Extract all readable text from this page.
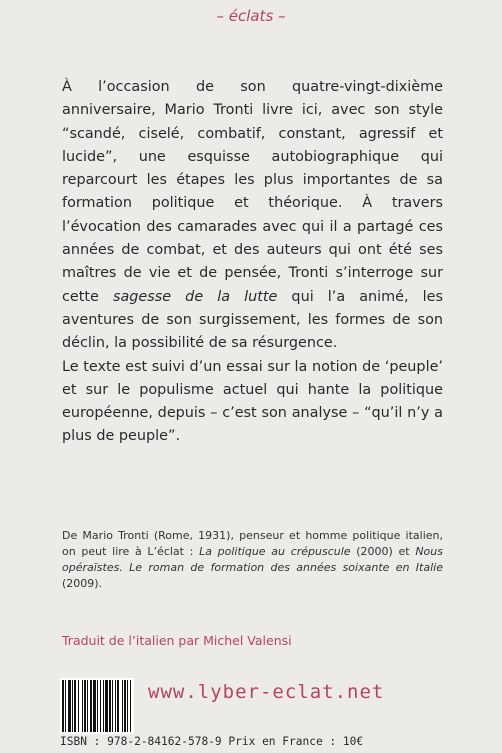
– éclats –

À l’occasion de son quatre-vingt-dixième anniversaire, Mario Tronti livre ici, avec son style “scandé, ciselé, combatif, constant, agressif et lucide”, une esquisse autobiographique qui reparcourt les étapes les plus importantes de sa formation politique et théorique. À travers l’évocation des camarades avec qui il a partagé ces années de combat, et des auteurs qui ont été ses maîtres de vie et de pensée, Tronti s’interroge sur cette sagesse de la lutte qui l’a animé, les aventures de son surgissement, les formes de son déclin, la possibilité de sa résurgence.

Le texte est suivi d’un essai sur la notion de ‘peuple’ et sur le populisme actuel qui hante la politique européenne, depuis – c’est son analyse – “qu’il n’y a plus de peuple”.

De Mario Tronti (Rome, 1931), penseur et homme politique italien, on peut lire à L’éclat : La politique au crépuscule (2000) et Nous opéraïstes. Le roman de formation des années soixante en Italie (2009).
Traduit de l’italien par Michel Valensi
www.lyber-eclat.net
ISBN : 978-2-84162-578-9 Prix en France : 10€
